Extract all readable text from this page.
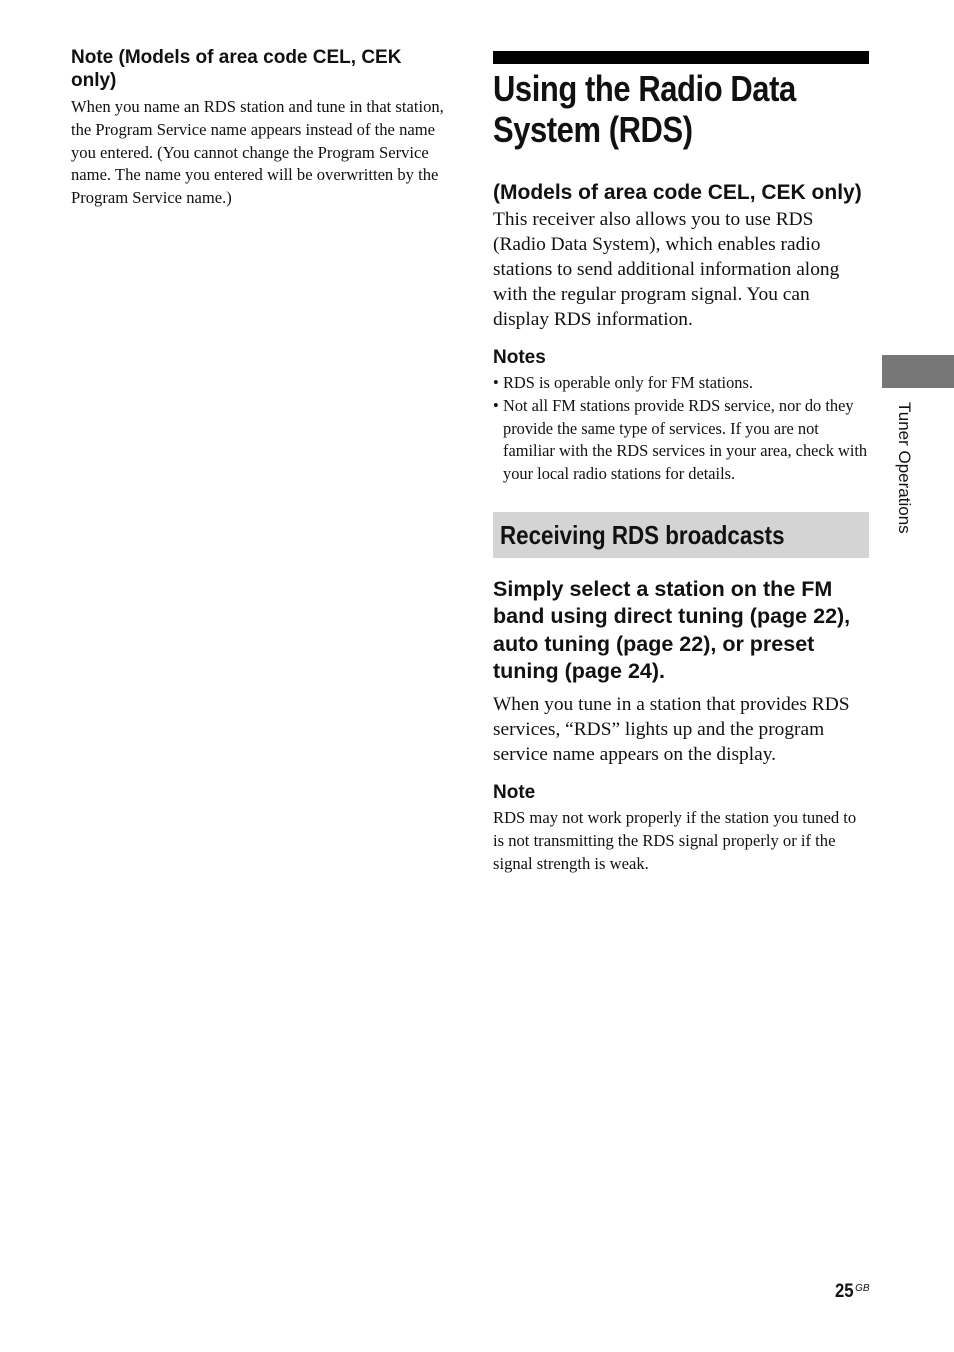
Note (Models of area code CEL, CEK only)

When you name an RDS station and tune in that station, the Program Service name appears instead of the name you entered. (You cannot change the Program Service name. The name you entered will be overwritten by the Program Service name.)

Using the Radio Data System (RDS)
(Models of area code CEL, CEK only)

This receiver also allows you to use RDS (Radio Data System), which enables radio stations to send additional information along with the regular program signal. You can display RDS information.

Notes
• RDS is operable only for FM stations.
• Not all FM stations provide RDS service, nor do they provide the same type of services. If you are not familiar with the RDS services in your area, check with your local radio stations for details.
Receiving RDS broadcasts
Simply select a station on the FM band using direct tuning (page 22), auto tuning (page 22), or preset tuning (page 24).

When you tune in a station that provides RDS services, “RDS” lights up and the program service name appears on the display.

Note

RDS may not work properly if the station you tuned to is not transmitting the RDS signal properly or if the signal strength is weak.

Tuner Operations
25 $^{GB}$
